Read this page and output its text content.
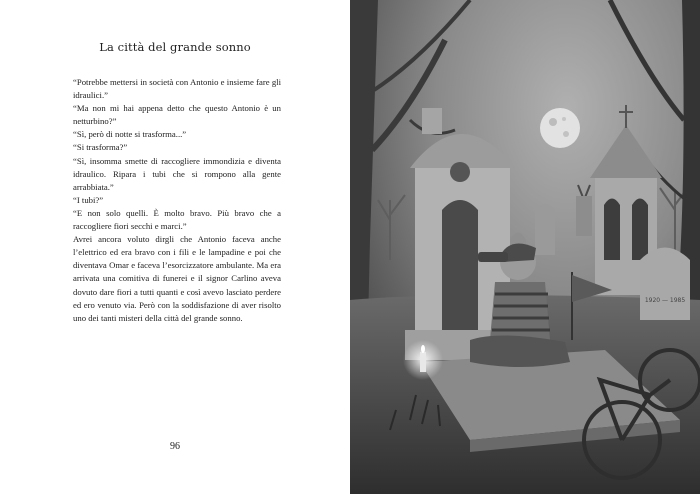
La città del grande sonno

“Potrebbe mettersi in società con Antonio e insieme fare gli idraulici.”

“Ma non mi hai appena detto che questo Antonio è un netturbino?”

“Sì, però di notte si trasforma...”

“Si trasforma?”

“Sì, insomma smette di raccogliere immondizia e diventa idraulico. Ripara i tubi che si rompono alla gente arrabbiata.”

“I tubi?”

“E non solo quelli. È molto bravo. Più bravo che a raccogliere fiori secchi e marci.”

Avrei ancora voluto dirgli che Antonio faceva anche l’elettrico ed era bravo con i fili e le lampadine e poi che diventava Omar e faceva l’esorcizzatore ambulante. Ma era arrivata una comitiva di funerei e il signor Carlino aveva dovuto dare fiori a tutti quanti e così avevo lasciato perdere ed ero venuto via. Però con la soddisfazione di aver risolto uno dei tanti misteri della città del grande sonno.

96
1920 — 1985
